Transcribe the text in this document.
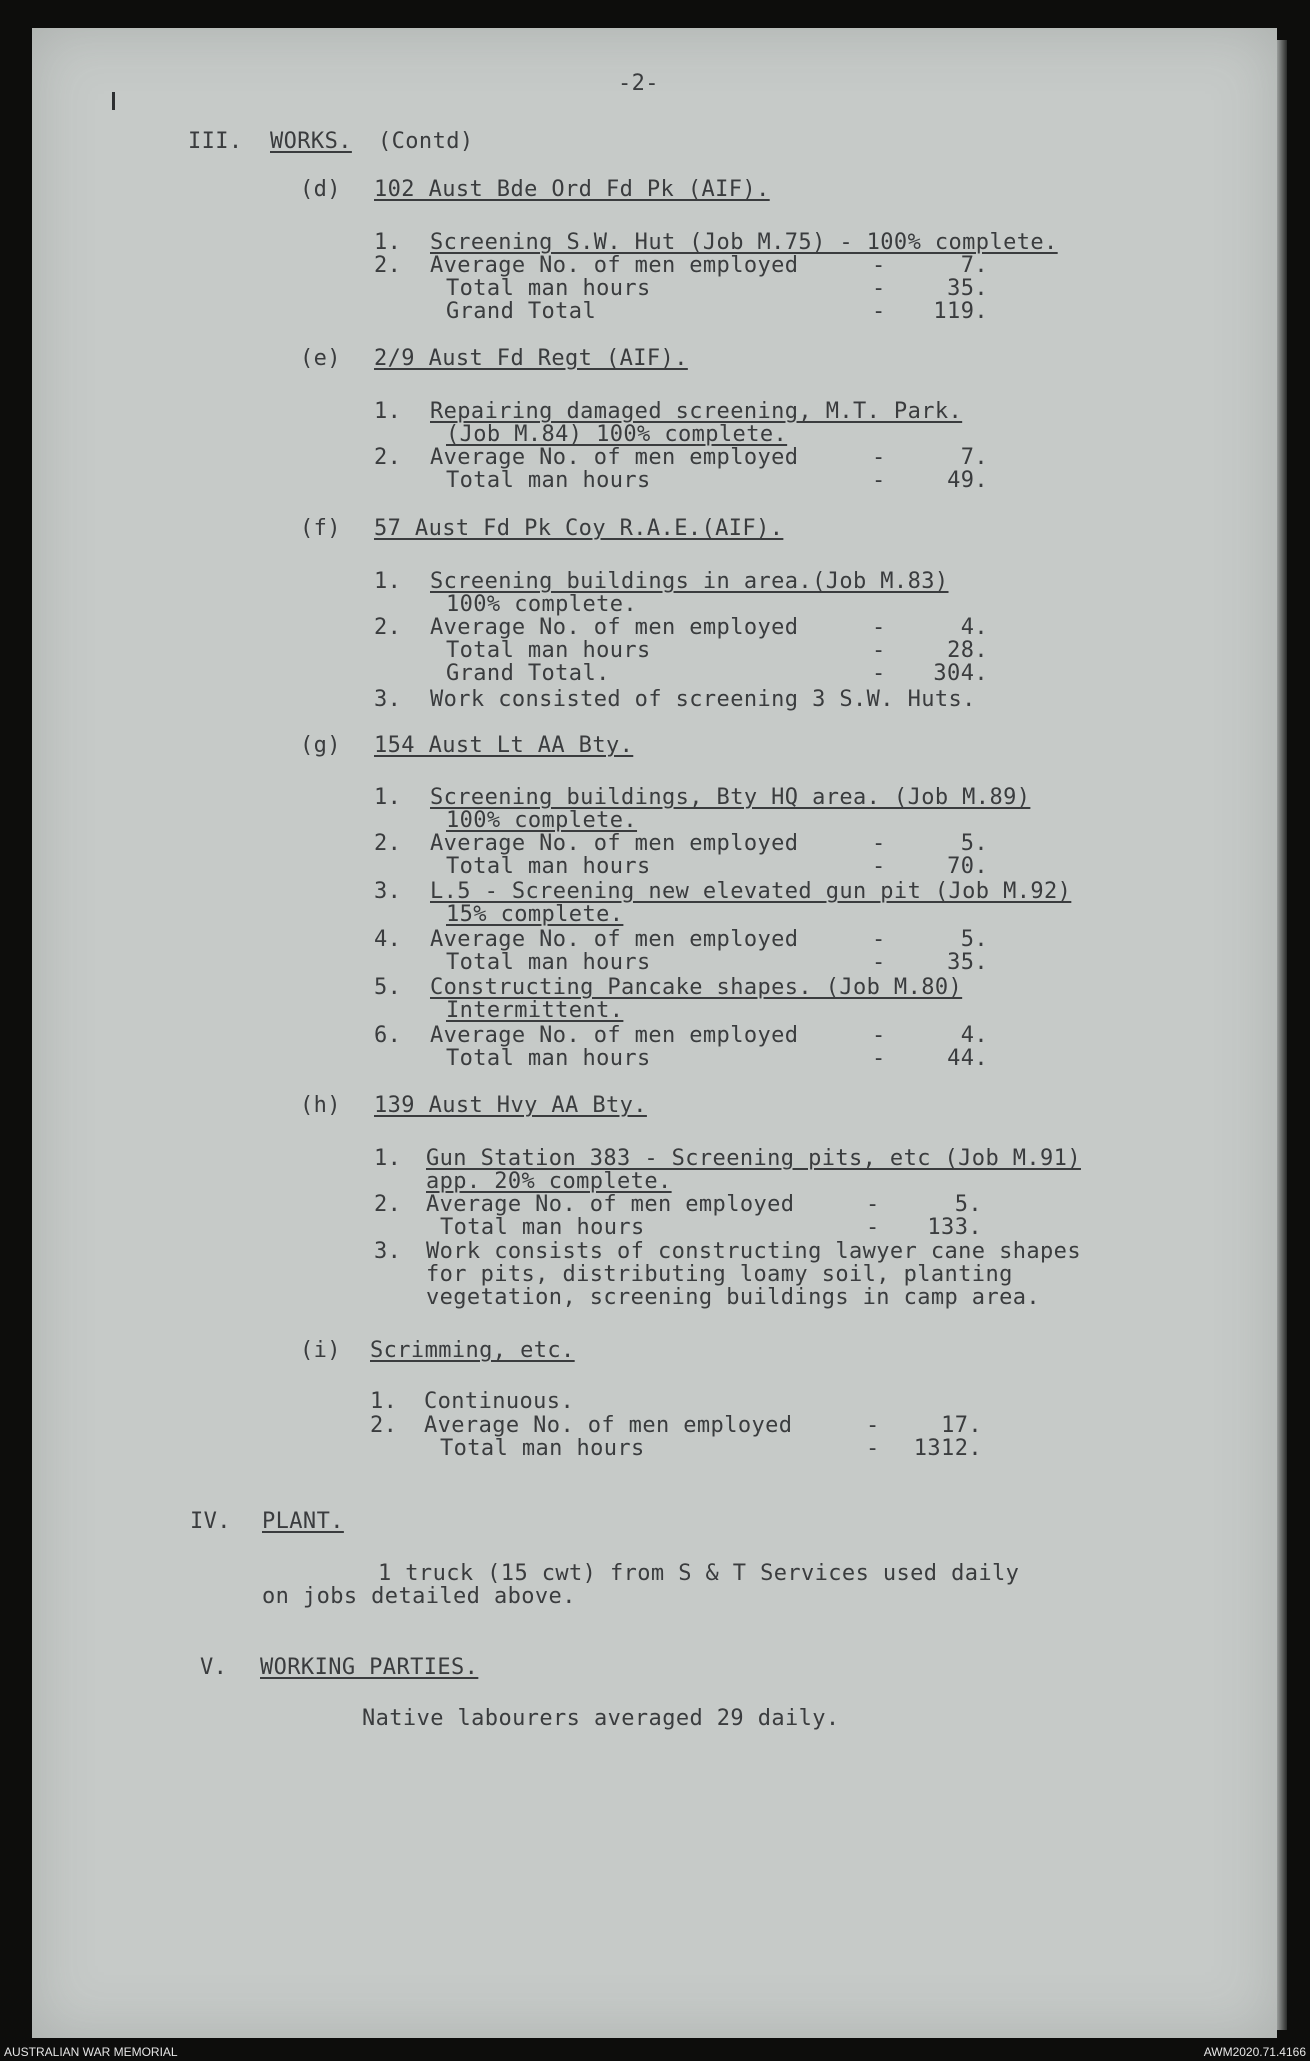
-2-
III. WORKS. (Contd)
(d) 102 Aust Bde Ord Fd Pk (AIF).
1. Screening S.W. Hut (Job M.75) - 100% complete.
2. Average No. of men employed	-	7.
Total man hours	-	35.
Grand Total	-	119.
(e) 2/9 Aust Fd Regt (AIF).
1. Repairing damaged screening, M.T. Park.
(Job M.84) 100% complete.
2. Average No. of men employed	-	7.
Total man hours	-	49.
(f) 57 Aust Fd Pk Coy R.A.E.(AIF).
1. Screening buildings in area.(Job M.83)
100% complete.
2. Average No. of men employed	-	4.
Total man hours	-	28.
Grand Total.	-	304.
3. Work consisted of screening 3 S.W. Huts.
(g) 154 Aust Lt AA Bty.
1. Screening buildings, Bty HQ area. (Job M.89)
100% complete.
2. Average No. of men employed	-	5.
Total man hours	-	70.
3. L.5 - Screening new elevated gun pit (Job M.92)
15% complete.
4. Average No. of men employed	-	5.
Total man hours	-	35.
5. Constructing Pancake shapes. (Job M.80)
Intermittent.
6. Average No. of men employed	-	4.
Total man hours	-	44.
(h) 139 Aust Hvy AA Bty.
1. Gun Station 383 - Screening pits, etc (Job M.91)
app. 20% complete.
2. Average No. of men employed	-	5.
Total man hours	-	133.
3. Work consists of constructing lawyer cane shapes
for pits, distributing loamy soil, planting
vegetation, screening buildings in camp area.
(i) Scrimming, etc.
1. Continuous.
2. Average No. of men employed	-	17.
Total man hours	-	1312.
IV. PLANT.
1 truck (15 cwt) from S & T Services used daily
on jobs detailed above.
V. WORKING PARTIES.
Native labourers averaged 29 daily.
AUSTRALIAN WAR MEMORIAL	AWM2020.71.4166
